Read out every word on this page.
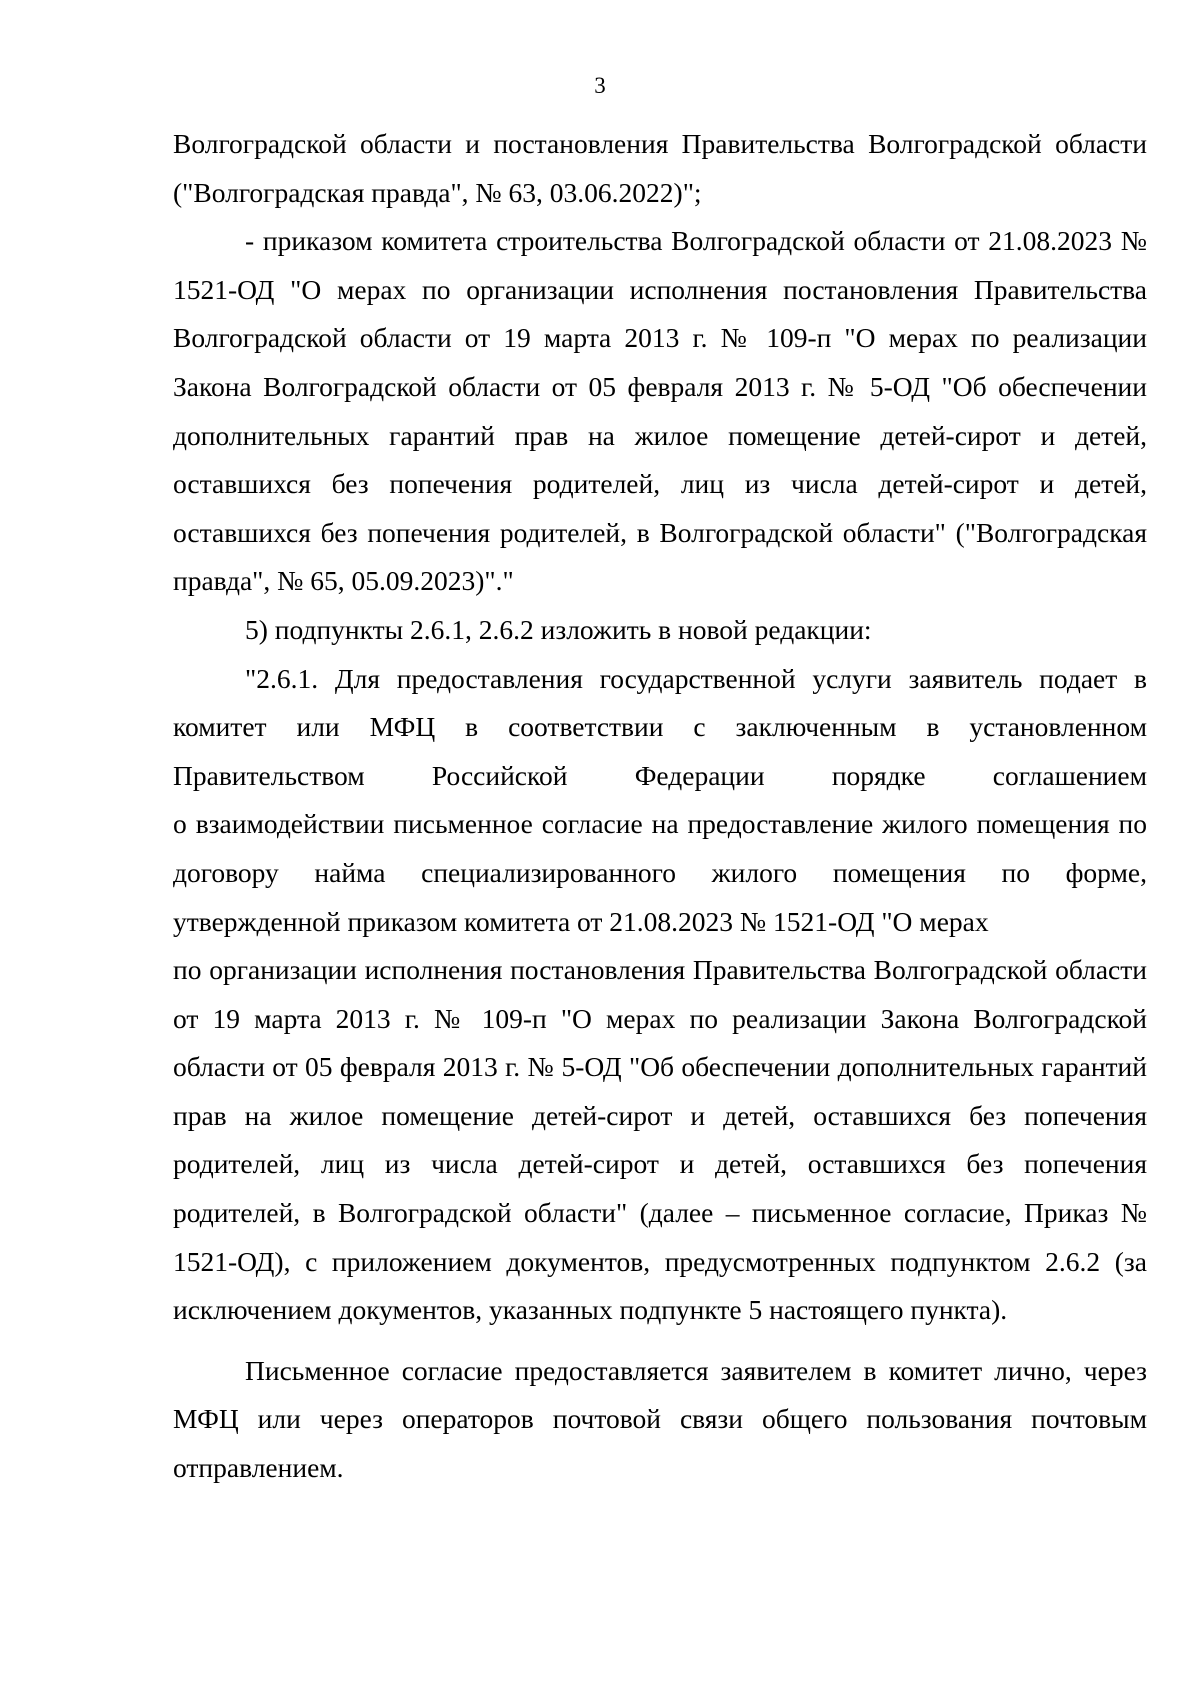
3

Волгоградской области и постановления Правительства Волгоградской области ("Волгоградская правда", № 63, 03.06.2022)";

- приказом комитета строительства Волгоградской области от 21.08.2023 № 1521-ОД "О мерах по организации исполнения постановления Правительства Волгоградской области от 19 марта 2013 г. № 109-п "О мерах по реализации Закона Волгоградской области от 05 февраля 2013 г. № 5-ОД "Об обеспечении дополнительных гарантий прав на жилое помещение детей-сирот и детей, оставшихся без попечения родителей, лиц из числа детей-сирот и детей, оставшихся без попечения родителей, в Волгоградской области" ("Волгоградская правда", № 65, 05.09.2023)"."

5) подпункты 2.6.1, 2.6.2 изложить в новой редакции:

"2.6.1. Для предоставления государственной услуги заявитель подает в комитет или МФЦ в соответствии с заключенным в установленном Правительством Российской Федерации порядке соглашением

о взаимодействии письменное согласие на предоставление жилого помещения по договору найма специализированного жилого помещения по форме, утвержденной приказом комитета от 21.08.2023 № 1521-ОД "О мерах

по организации исполнения постановления Правительства Волгоградской области от 19 марта 2013 г. № 109-п "О мерах по реализации Закона Волгоградской области от 05 февраля 2013 г. № 5-ОД "Об обеспечении дополнительных гарантий прав на жилое помещение детей-сирот и детей, оставшихся без попечения родителей, лиц из числа детей-сирот и детей, оставшихся без попечения родителей, в Волгоградской области" (далее – письменное согласие, Приказ № 1521-ОД), с приложением документов, предусмотренных подпунктом 2.6.2 (за исключением документов, указанных подпункте 5 настоящего пункта).

Письменное согласие предоставляется заявителем в комитет лично, через МФЦ или через операторов почтовой связи общего пользования почтовым отправлением.
